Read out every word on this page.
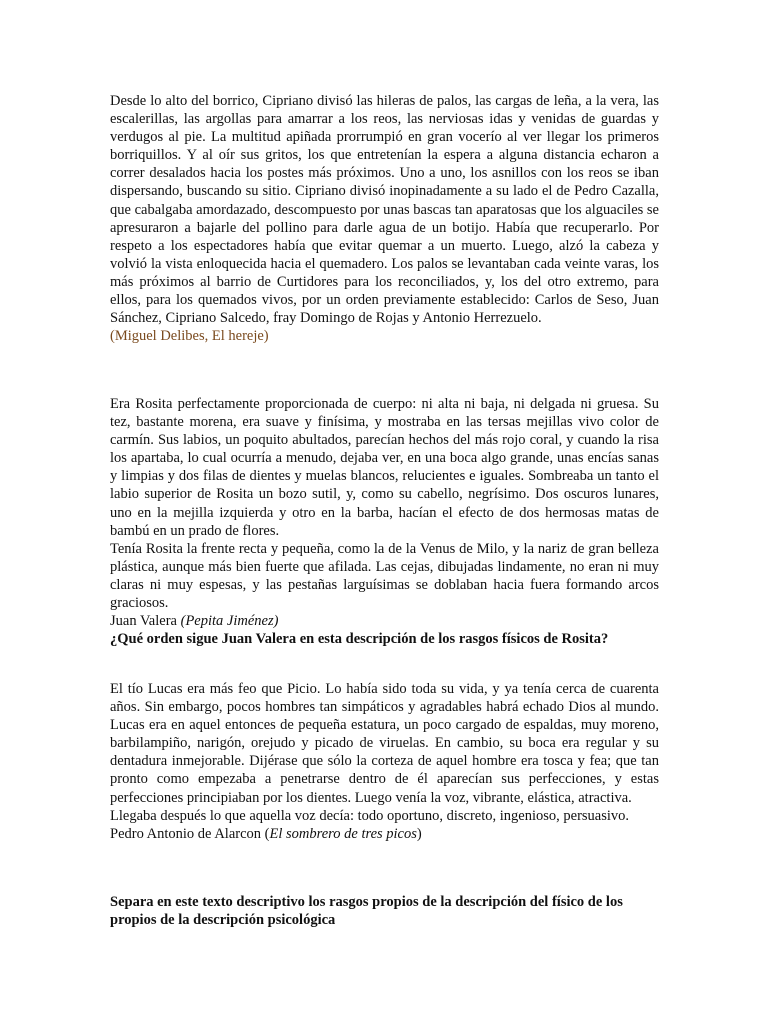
Desde lo alto del borrico, Cipriano divisó las hileras de palos, las cargas de leña, a la vera, las escalerillas, las argollas para amarrar a los reos, las nerviosas idas y venidas de guardas y verdugos al pie. La multitud apiñada prorrumpió en gran vocerío al ver llegar los primeros borriquillos. Y al oír sus gritos, los que entretenían la espera a alguna distancia echaron a correr desalados hacia los postes más próximos. Uno a uno, los asnillos con los reos se iban dispersando, buscando su sitio. Cipriano divisó inopinadamente a su lado el de Pedro Cazalla, que cabalgaba amordazado, descompuesto por unas bascas tan aparatosas que los alguaciles se apresuraron a bajarle del pollino para darle agua de un botijo. Había que recuperarlo. Por respeto a los espectadores había que evitar quemar a un muerto. Luego, alzó la cabeza y volvió la vista enloquecida hacia el quemadero. Los palos se levantaban cada veinte varas, los más próximos al barrio de Curtidores para los reconciliados, y, los del otro extremo, para ellos, para los quemados vivos, por un orden previamente establecido: Carlos de Seso, Juan Sánchez, Cipriano Salcedo, fray Domingo de Rojas y Antonio Herrezuelo.

(Miguel Delibes, El hereje)

Era Rosita perfectamente proporcionada de cuerpo: ni alta ni baja, ni delgada ni gruesa. Su tez, bastante morena, era suave y finísima, y mostraba en las tersas mejillas vivo color de carmín. Sus labios, un poquito abultados, parecían hechos del más rojo coral, y cuando la risa los apartaba, lo cual ocurría a menudo, dejaba ver, en una boca algo grande, unas encías sanas y limpias y dos filas de dientes y muelas blancos, relucientes e iguales. Sombreaba un tanto el labio superior de Rosita un bozo sutil, y, como su cabello, negrísimo. Dos oscuros lunares, uno en la mejilla izquierda y otro en la barba, hacían el efecto de dos hermosas matas de bambú en un prado de flores.

Tenía Rosita la frente recta y pequeña, como la de la Venus de Milo, y la nariz de gran belleza plástica, aunque más bien fuerte que afilada. Las cejas, dibujadas lindamente, no eran ni muy claras ni muy espesas, y las pestañas larguísimas se doblaban hacia fuera formando arcos graciosos.

Juan Valera (Pepita Jiménez)
¿Qué orden sigue Juan Valera en esta descripción de los rasgos físicos de Rosita?

El tío Lucas era más feo que Picio. Lo había sido toda su vida, y ya tenía cerca de cuarenta años. Sin embargo, pocos hombres tan simpáticos y agradables habrá echado Dios al mundo. Lucas era en aquel entonces de pequeña estatura, un poco cargado de espaldas, muy moreno, barbilampiño, narigón, orejudo y picado de viruelas. En cambio, su boca era regular y su dentadura inmejorable. Dijérase que sólo la corteza de aquel hombre era tosca y fea; que tan pronto como empezaba a penetrarse dentro de él aparecían sus perfecciones, y estas perfecciones principiaban por los dientes. Luego venía la voz, vibrante, elástica, atractiva.

Llegaba después lo que aquella voz decía: todo oportuno, discreto, ingenioso, persuasivo.

Pedro Antonio de Alarcon (El sombrero de tres picos)
Separa en este texto descriptivo los rasgos propios de la descripción del físico de los propios de la descripción psicológica
